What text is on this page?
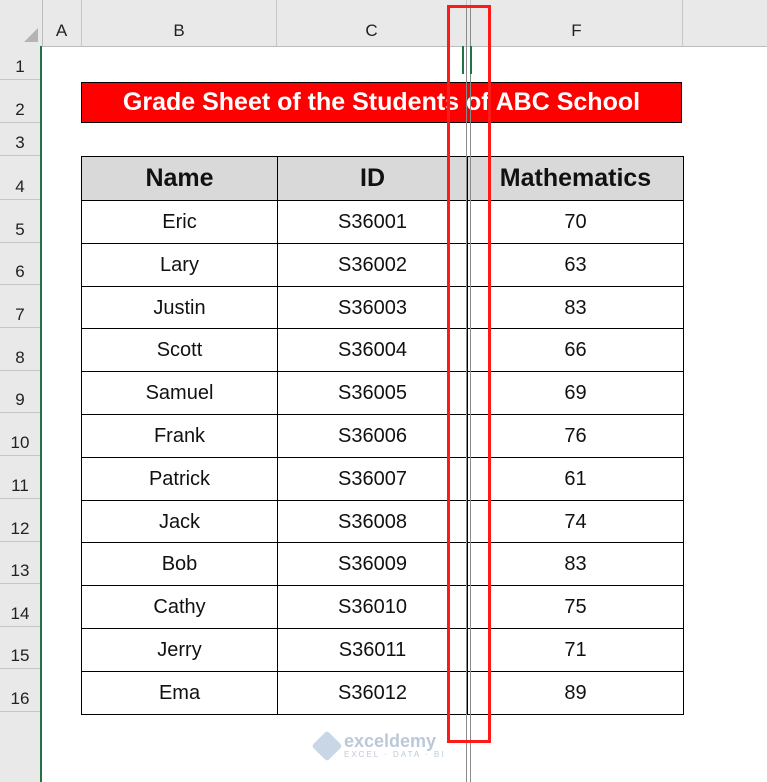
A	B	C	F
1
2
3
4
5
6
7
8
9
10
11
12
13
14
15
16
Grade Sheet of the Students of ABC School
Name	ID	Mathematics
Eric	S36001	70
Lary	S36002	63
Justin	S36003	83
Scott	S36004	66
Samuel	S36005	69
Frank	S36006	76
Patrick	S36007	61
Jack	S36008	74
Bob	S36009	83
Cathy	S36010	75
Jerry	S36011	71
Ema	S36012	89
exceldemy
EXCEL · DATA · BI
